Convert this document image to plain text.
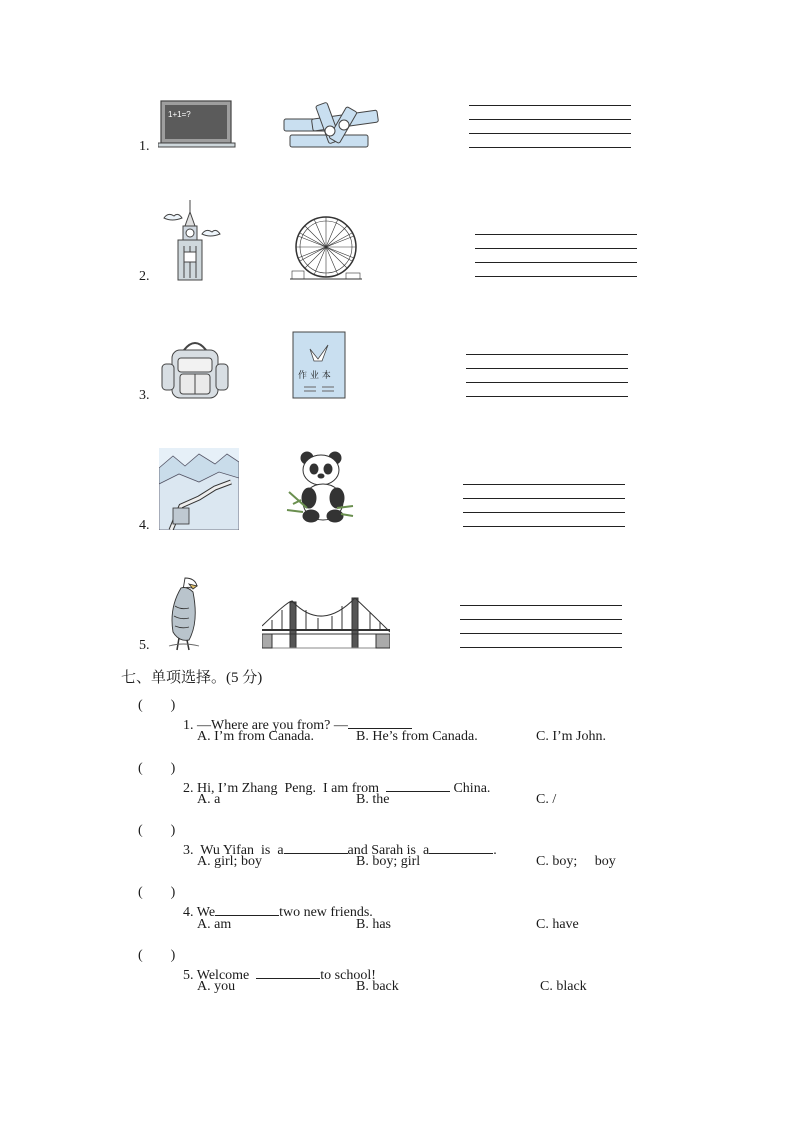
1.
1+1=?
2.
3.
作 业 本
4.
5.
七、单项选择。(5 分)
(        )

1. —Where are you from? —

A. I’m from Canada.	B. He’s from Canada.	C. I’m John.
(        )

2. Hi, I’m Zhang  Peng.  I am from	China.

A. a	B. the	C. /
(        )

3.  Wu Yifan  is  a	and Sarah is  a	.

A. girl; boy	B. boy; girl	C. boy;     boy
(        )

4. We	two new friends.

A. am	B. has	C. have
(        )

5. Welcome	to school!

A. you	B. back	C. black
